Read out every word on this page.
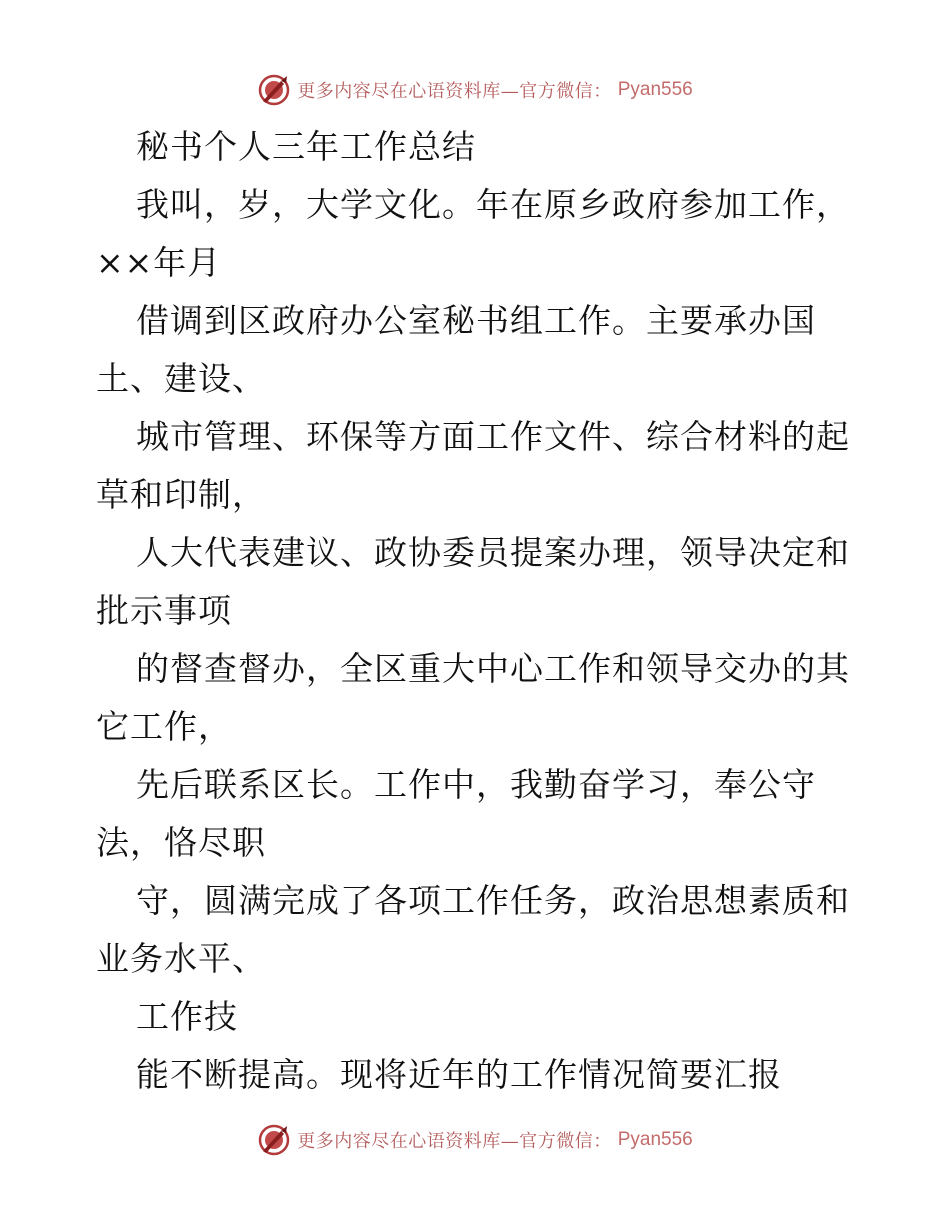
更多内容尽在心语资料库—官方微信： Pyan556
秘书个人三年工作总结
我叫，岁，大学文化。年在原乡政府参加工作，
××年月
借调到区政府办公室秘书组工作。主要承办国
土、建设、
城市管理、环保等方面工作文件、综合材料的起
草和印制，
人大代表建议、政协委员提案办理，领导决定和
批示事项
的督查督办，全区重大中心工作和领导交办的其
它工作，
先后联系区长。工作中，我勤奋学习，奉公守
法，恪尽职
守，圆满完成了各项工作任务，政治思想素质和
业务水平、
工作技
能不断提高。现将近年的工作情况简要汇报
更多内容尽在心语资料库—官方微信： Pyan556
